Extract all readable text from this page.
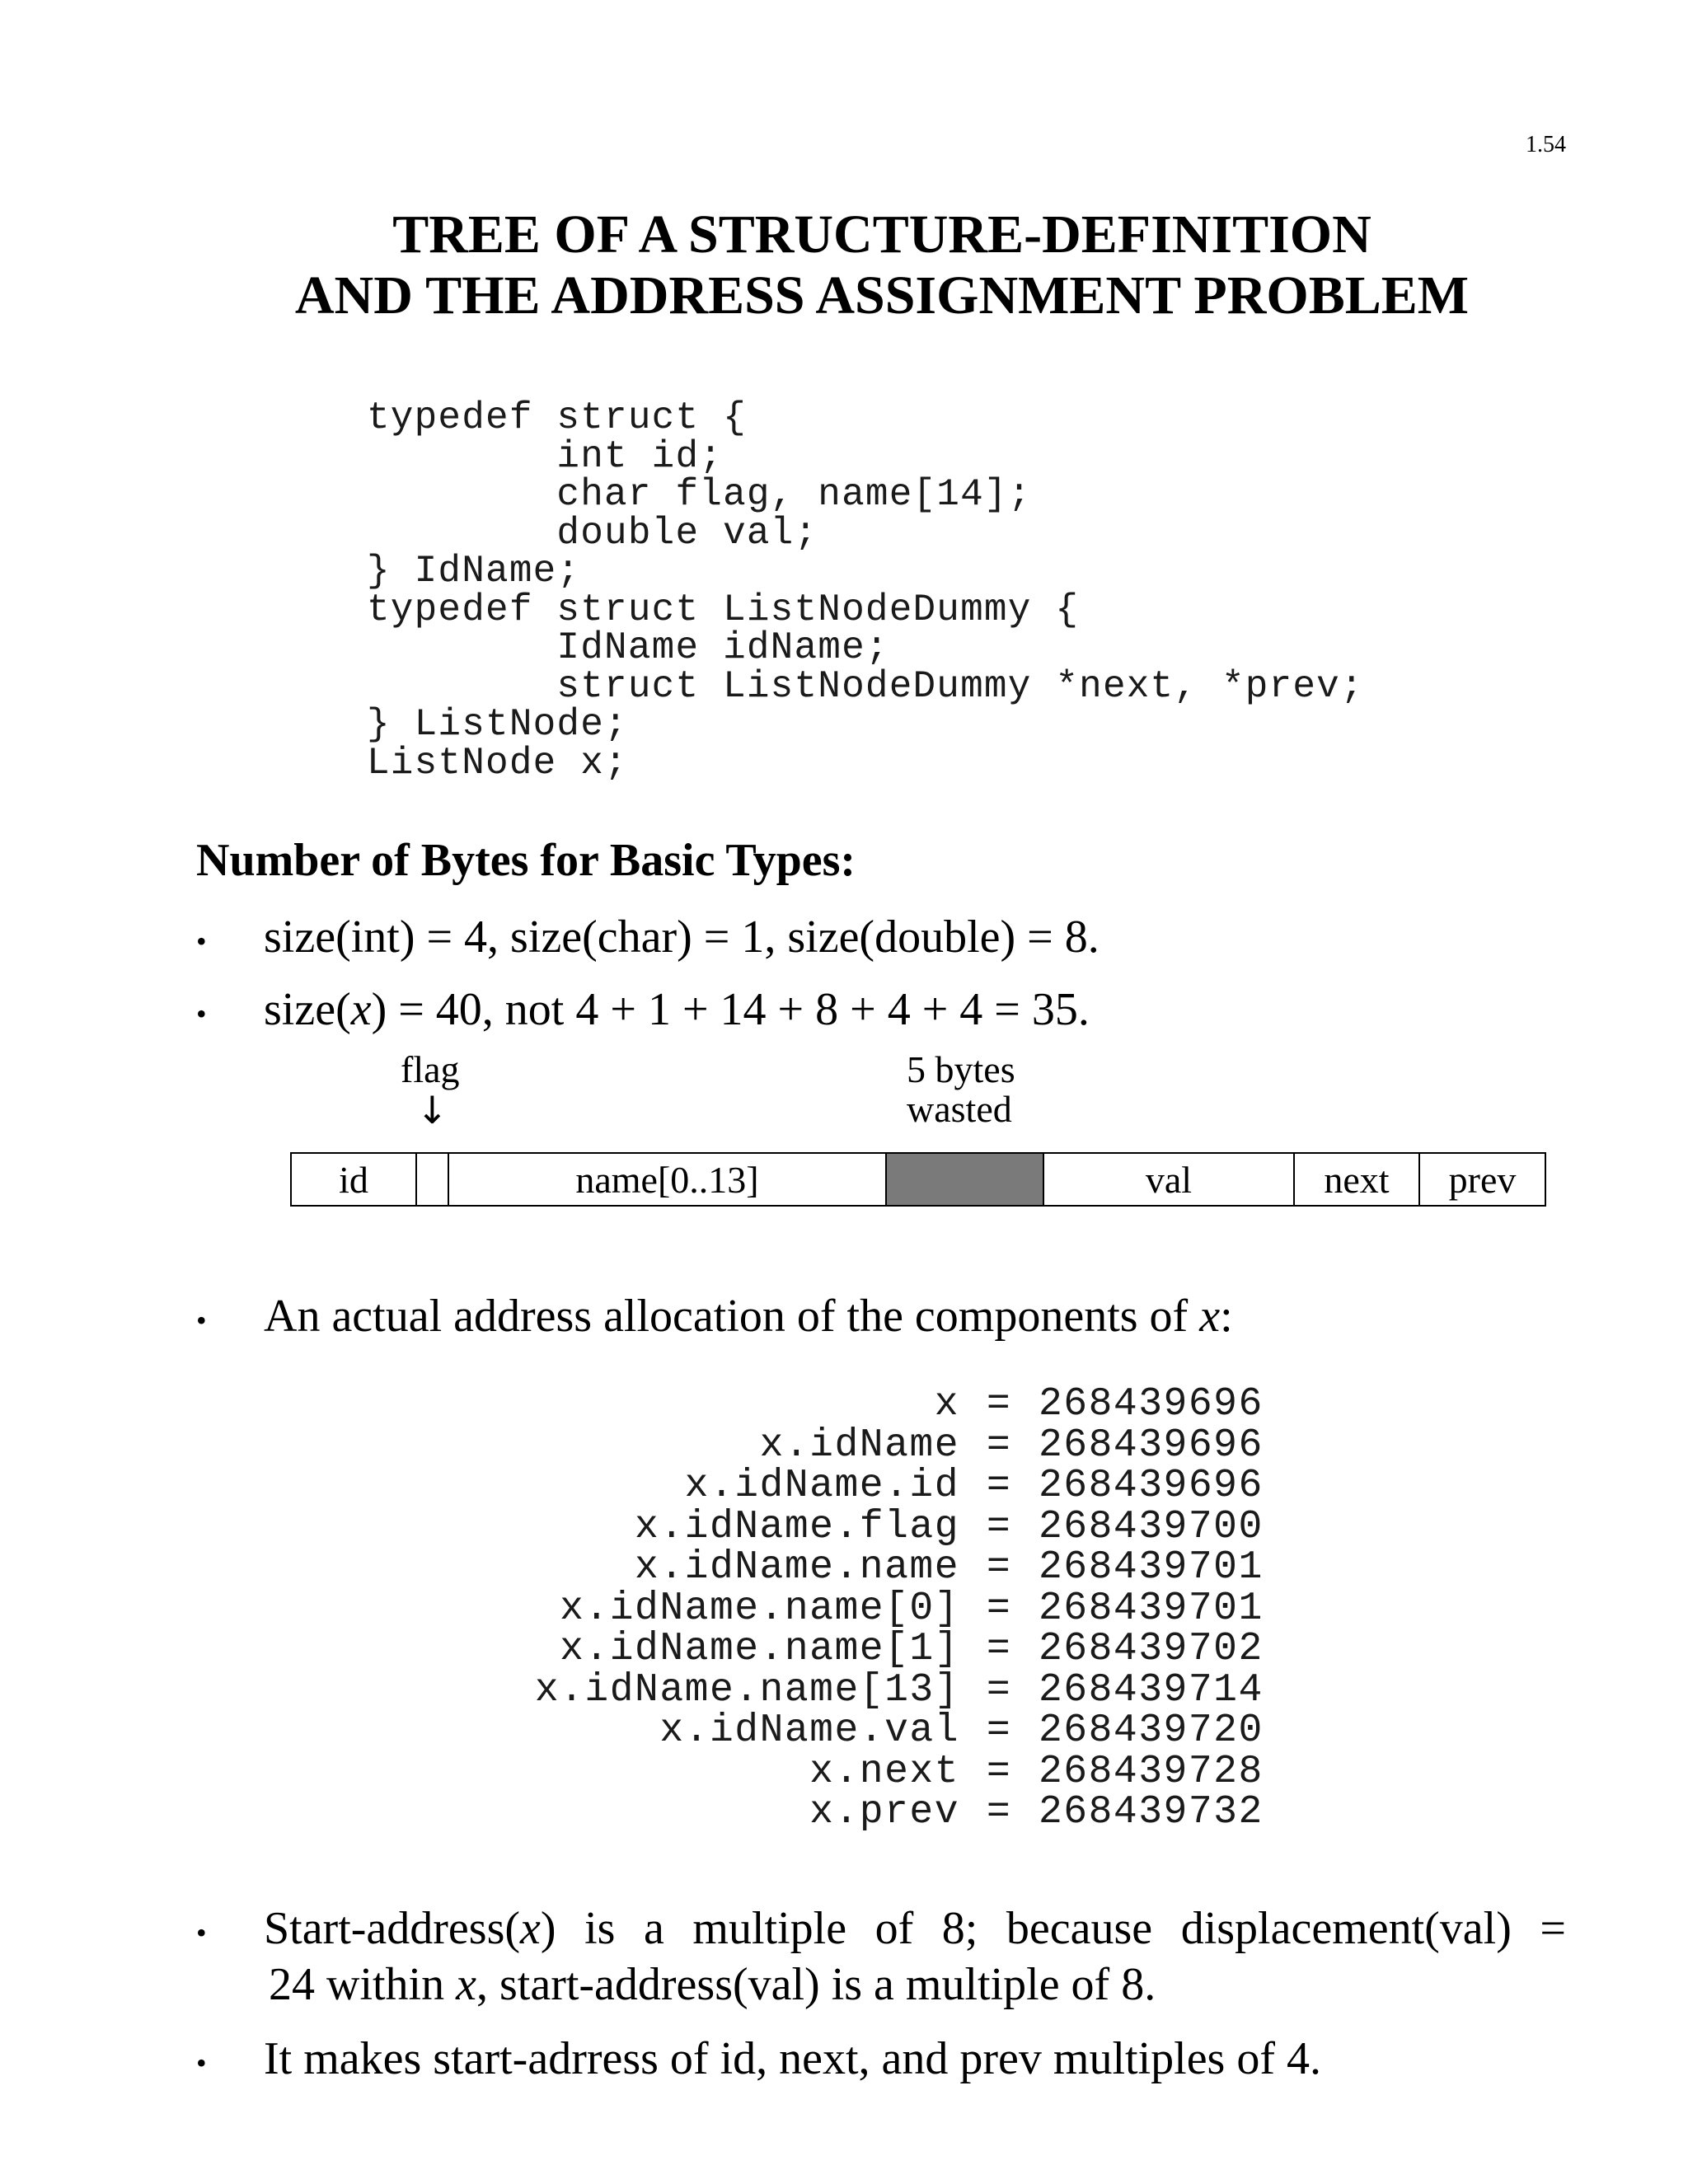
1.54
TREE OF A STRUCTURE-DEFINITION
AND THE ADDRESS ASSIGNMENT PROBLEM
typedef struct {
int id;
char flag, name[14];
double val;
} IdName;
typedef struct ListNodeDummy {
IdName idName;
struct ListNodeDummy *next, *prev;
} ListNode;
ListNode x;
Number of Bytes for Basic Types:
• size(int) = 4, size(char) = 1, size(double) = 8.
• size(x) = 40, not 4 + 1 + 14 + 8 + 4 + 4 = 35.
flag
↓
5 bytes
wasted
id	name[0..13]	val	next	prev
• An actual address allocation of the components of x:
x = 268439696
x.idName = 268439696
x.idName.id = 268439696
x.idName.flag = 268439700
x.idName.name = 268439701
x.idName.name[0] = 268439701
x.idName.name[1] = 268439702
x.idName.name[13] = 268439714
x.idName.val = 268439720
x.next = 268439728
x.prev = 268439732
• Start-address(x) is a multiple of 8; because displacement(val) =
24 within x, start-address(val) is a multiple of 8.
• It makes start-adrress of id, next, and prev multiples of 4.
